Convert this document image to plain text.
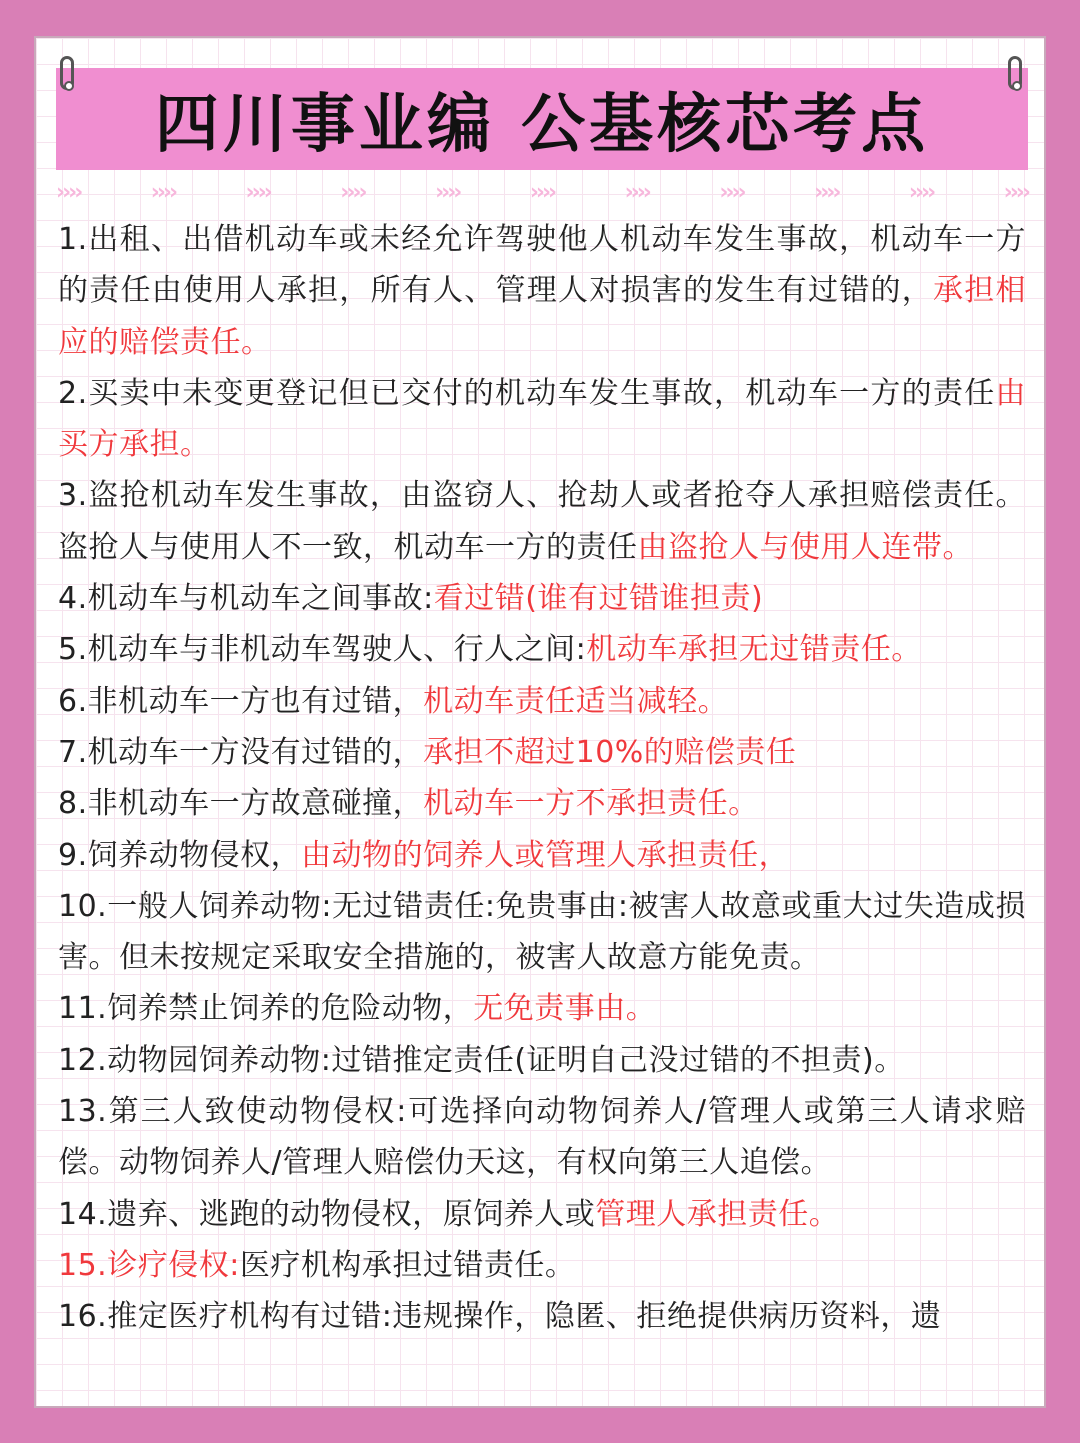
四川事业编 公基核芯考点
››››	››››	››››	››››	››››	››››	››››	››››	››››	››››	››››

1.出租、出借机动车或未经允许驾驶他人机动车发生事故，机动车一方的责任由使用人承担，所有人、管理人对损害的发生有过错的，承担相应的赔偿责任。

2.买卖中未变更登记但已交付的机动车发生事故，机动车一方的责任由买方承担。

3.盗抢机动车发生事故，由盗窃人、抢劫人或者抢夺人承担赔偿责任。盗抢人与使用人不一致，机动车一方的责任由盗抢人与使用人连带。

4.机动车与机动车之间事故:看过错(谁有过错谁担责)

5.机动车与非机动车驾驶人、行人之间:机动车承担无过错责任。

6.非机动车一方也有过错，机动车责任适当减轻。

7.机动车一方没有过错的，承担不超过10%的赔偿责任

8.非机动车一方故意碰撞，机动车一方不承担责任。

9.饲养动物侵权，由动物的饲养人或管理人承担责任，

10.一般人饲养动物:无过错责任:免贵事由:被害人故意或重大过失造成损害。但未按规定采取安全措施的，被害人故意方能免责。

11.饲养禁止饲养的危险动物，无免责事由。

12.动物园饲养动物:过错推定责任(证明自己没过错的不担责)。

13.第三人致使动物侵权:可选择向动物饲养人/管理人或第三人请求赔偿。动物饲养人/管理人赔偿仂天这，有权向第三人追偿。

14.遗弃、逃跑的动物侵权，原饲养人或管理人承担责任。

15.诊疗侵权:医疗机构承担过错责任。

16.推定医疗机构有过错:违规操作，隐匿、拒绝提供病历资料，遗
